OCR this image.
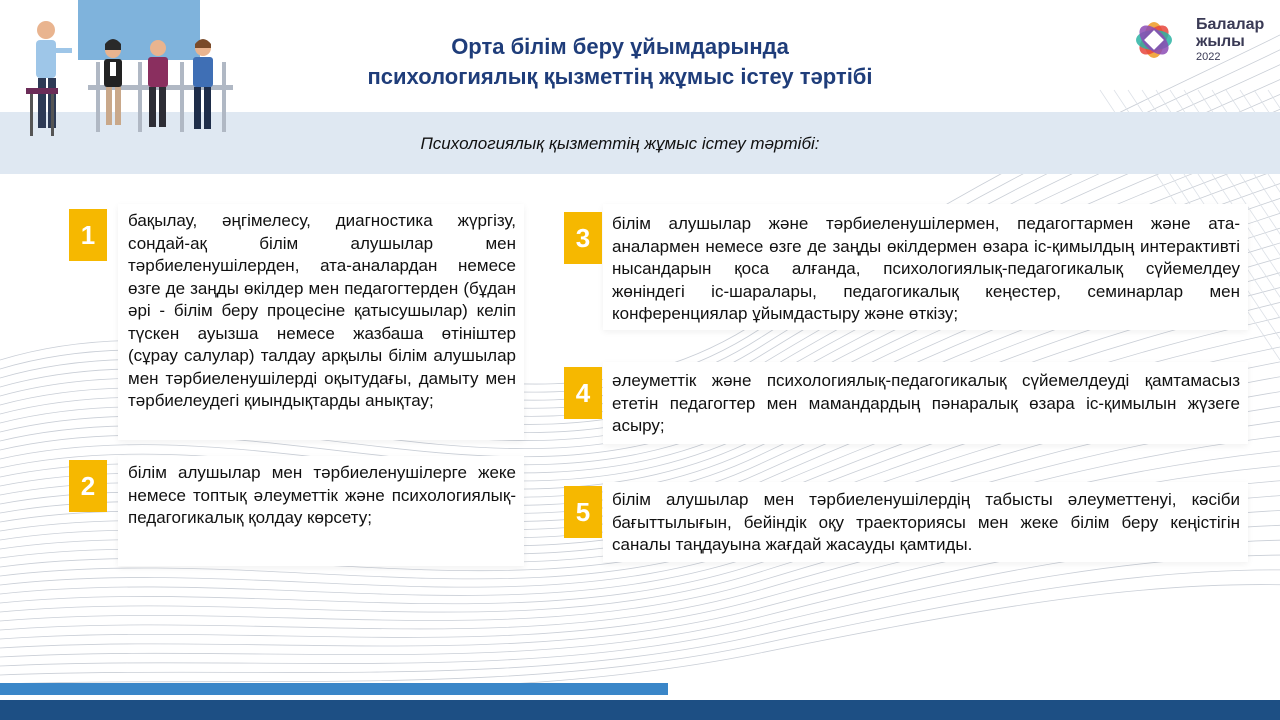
Психологиялық қызметтің жұмыс істеу тәртібі:
Орта білім беру ұйымдарында
психологиялық қызметтің жұмыс істеу тәртібі
Балалар
жылы
2022
1	бақылау, әңгімелесу, диагностика жүргізу, сондай-ақ білім алушылар мен тәрбиеленушілерден, ата-аналардан немесе өзге де заңды өкілдер мен педагогтерден (бұдан әрі - білім беру процесіне қатысушылар) келіп түскен ауызша немесе жазбаша өтініштер (сұрау салулар) талдау арқылы білім алушылар мен тәрбиеленушілерді оқытудағы, дамыту мен тәрбиелеудегі қиындықтарды анықтау;
2	білім алушылар мен тәрбиеленушілерге жеке немесе топтық әлеуметтік және психологиялық-педагогикалық қолдау көрсету;
3	білім алушылар және тәрбиеленушілермен, педагогтармен және ата-аналармен немесе өзге де заңды өкілдермен өзара іс-қимылдың интерактивті нысандарын қоса алғанда, психологиялық-педагогикалық сүйемелдеу жөніндегі іс-шаралары, педагогикалық кеңестер, семинарлар мен конференциялар ұйымдастыру және өткізу;
4	әлеуметтік және психологиялық-педагогикалық сүйемелдеуді қамтамасыз ететін педагогтер мен мамандардың пәнаралық өзара іс-қимылын жүзеге асыру;
5	білім алушылар мен тәрбиеленушілердің табысты әлеуметтенуі, кәсіби бағыттылығын, бейіндік оқу траекториясы мен жеке білім беру кеңістігін саналы таңдауына жағдай жасауды қамтиды.
